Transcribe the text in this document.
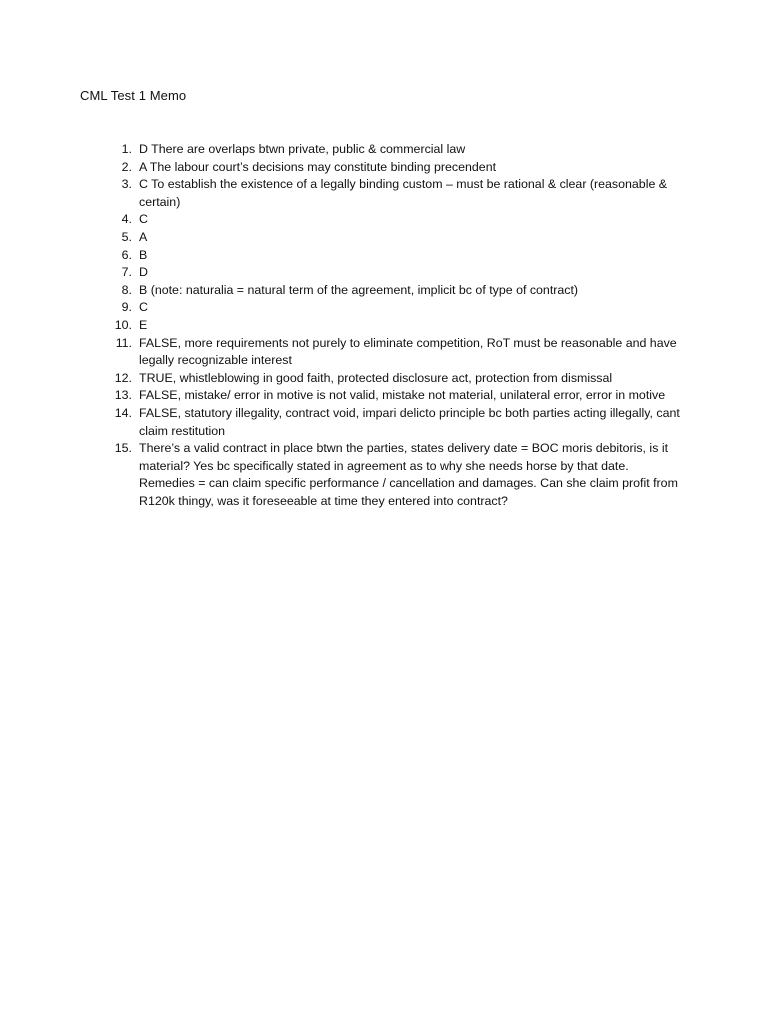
CML Test 1 Memo
1. D There are overlaps btwn private, public & commercial law
2. A The labour court’s decisions may constitute binding precendent
3. C To establish the existence of a legally binding custom – must be rational & clear (reasonable & certain)
4. C
5. A
6. B
7. D
8. B (note: naturalia = natural term of the agreement, implicit bc of type of contract)
9. C
10. E
11. FALSE, more requirements not purely to eliminate competition, RoT must be reasonable and have legally recognizable interest
12. TRUE, whistleblowing in good faith, protected disclosure act, protection from dismissal
13. FALSE, mistake/ error in motive is not valid, mistake not material, unilateral error, error in motive
14. FALSE, statutory illegality, contract void, impari delicto principle bc both parties acting illegally, cant claim restitution
15. There’s a valid contract in place btwn the parties, states delivery date = BOC moris debitoris, is it material? Yes bc specifically stated in agreement as to why she needs horse by that date. Remedies = can claim specific performance / cancellation and damages. Can she claim profit from R120k thingy, was it foreseeable at time they entered into contract?
